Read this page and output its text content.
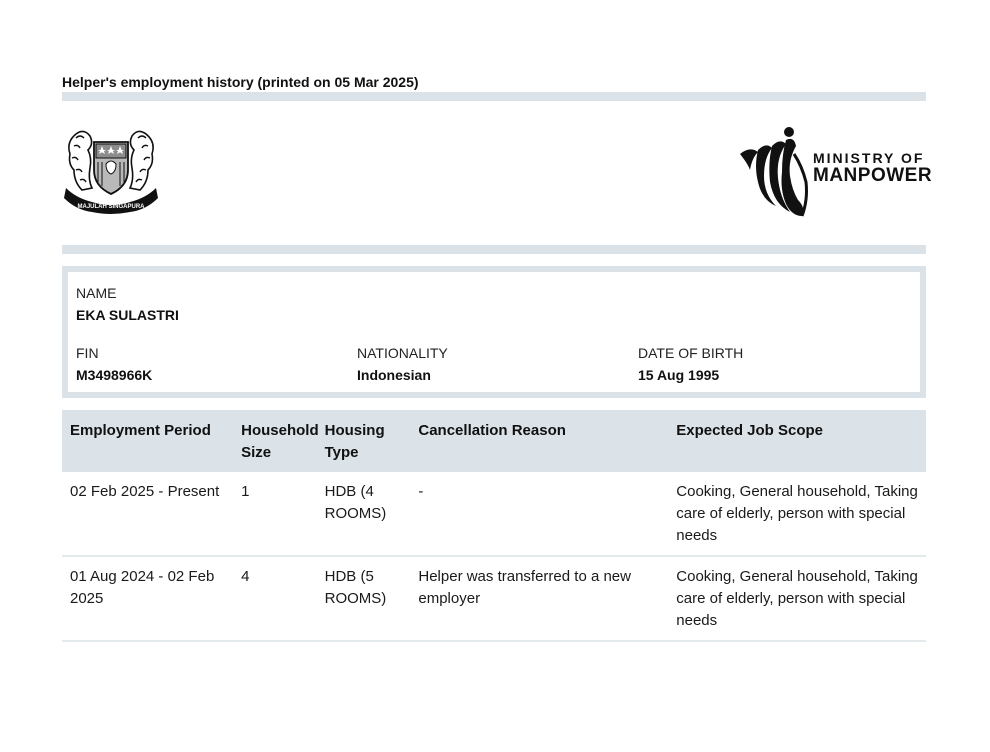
Helper's employment history (printed on 05 Mar 2025)
MAJULAH SINGAPURA
MINISTRY OF
MANPOWER
NAME
EKA SULASTRI
FIN
M3498966K
NATIONALITY
Indonesian
DATE OF BIRTH
15 Aug 1995
Employment Period	Household Size	Housing Type	Cancellation Reason	Expected Job Scope
02 Feb 2025 - Present	1	HDB (4 ROOMS)	-	Cooking, General household, Taking care of elderly, person with special needs
01 Aug 2024 - 02 Feb 2025	4	HDB (5 ROOMS)	Helper was transferred to a new employer	Cooking, General household, Taking care of elderly, person with special needs
